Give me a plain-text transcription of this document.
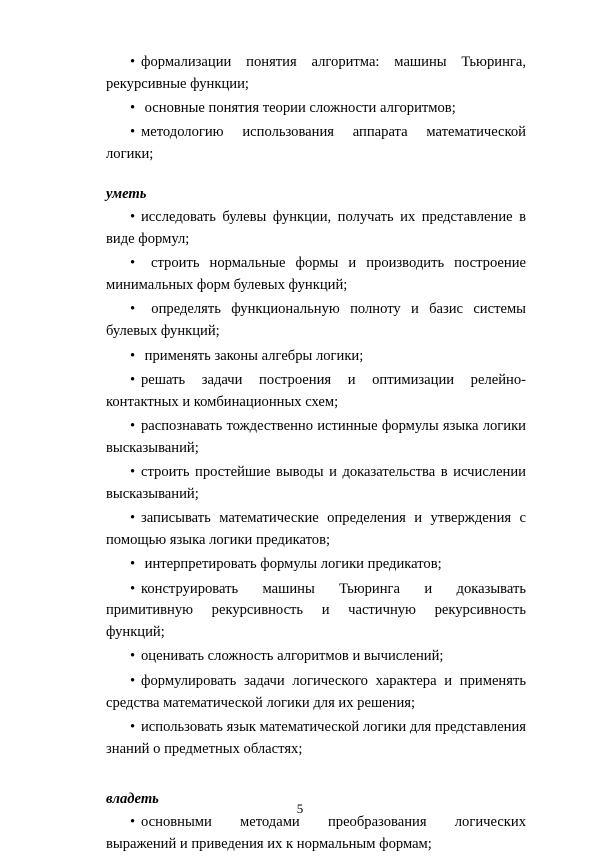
• формализации понятия алгоритма: машины Тьюринга, рекурсивные функции;

• основные понятия теории сложности алгоритмов;

• методологию использования аппарата математической логики;

уметь

• исследовать булевы функции, получать их представление в виде формул;

• строить нормальные формы и производить построение минимальных форм булевых функций;

• определять функциональную полноту и базис системы булевых функций;

• применять законы алгебры логики;

• решать задачи построения и оптимизации релейно-контактных и комбинационных схем;

• распознавать тождественно истинные формулы языка логики высказываний;

• строить простейшие выводы и доказательства в исчислении высказываний;

• записывать математические определения и утверждения с помощью языка логики предикатов;

• интерпретировать формулы логики предикатов;

• конструировать машины Тьюринга и доказывать примитивную рекурсивность и частичную рекурсивность функций;

• оценивать сложность алгоритмов и вычислений;

• формулировать задачи логического характера и применять средства математической логики для их решения;

• использовать язык математической логики для представления знаний о предметных областях;

владеть

• основными методами преобразования логических выражений и приведения их к нормальным формам;

5
